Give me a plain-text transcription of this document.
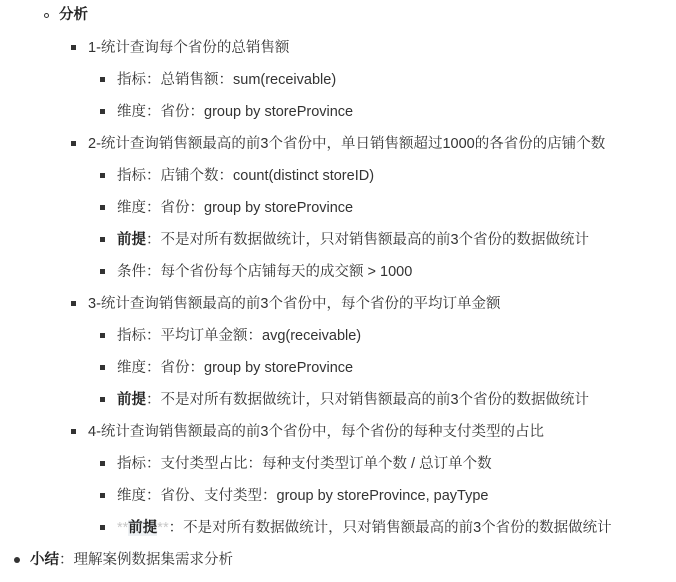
分析
1-统计查询每个省份的总销售额
指标：总销售额：sum(receivable)
维度：省份：group by storeProvince
2-统计查询销售额最高的前3个省份中，单日销售额超过1000的各省份的店铺个数
指标：店铺个数：count(distinct storeID)
维度：省份：group by storeProvince
前提：不是对所有数据做统计，只对销售额最高的前3个省份的数据做统计
条件：每个省份每个店铺每天的成交额 > 1000
3-统计查询销售额最高的前3个省份中，每个省份的平均订单金额
指标：平均订单金额：avg(receivable)
维度：省份：group by storeProvince
前提：不是对所有数据做统计，只对销售额最高的前3个省份的数据做统计
4-统计查询销售额最高的前3个省份中，每个省份的每种支付类型的占比
指标：支付类型占比：每种支付类型订单个数 / 总订单个数
维度：省份、支付类型：group by storeProvince, payType
**前提**：不是对所有数据做统计，只对销售额最高的前3个省份的数据做统计
小结：理解案例数据集需求分析
